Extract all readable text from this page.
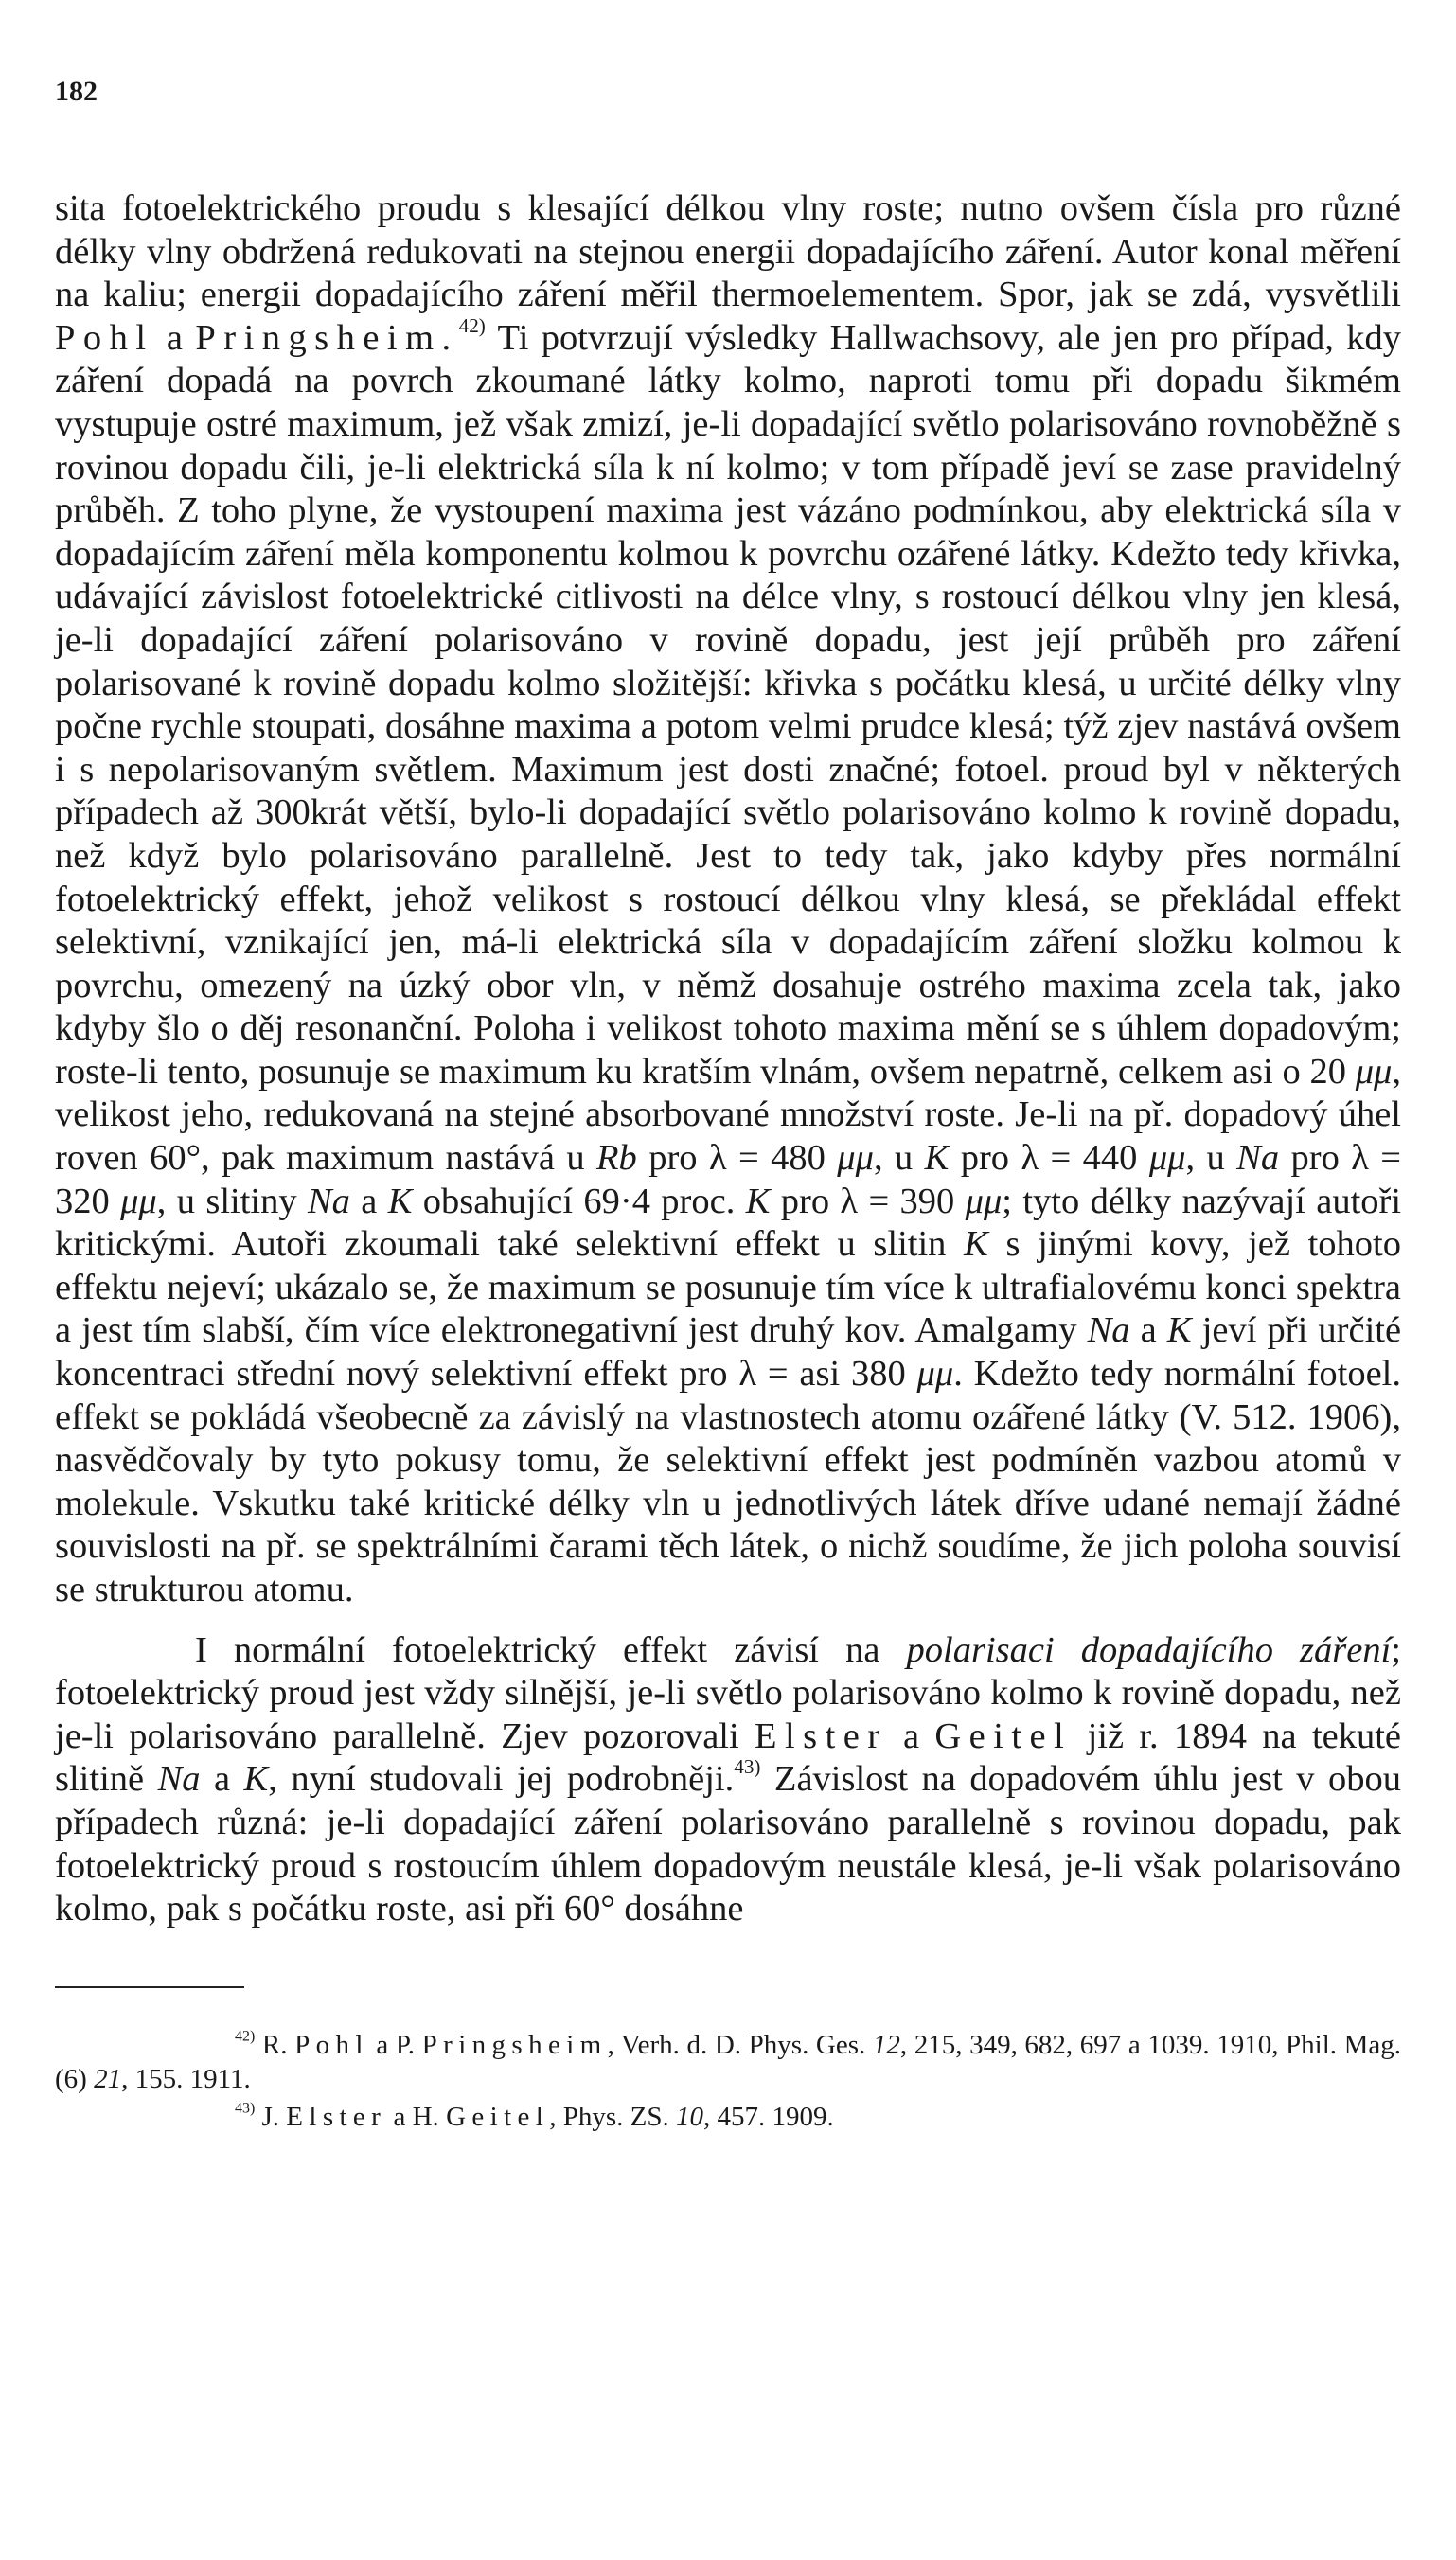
182

sita fotoelektrického proudu s klesající délkou vlny roste; nutno ovšem čísla pro různé délky vlny obdržená redukovati na stejnou energii dopadajícího záření. Autor konal měření na kaliu; energii dopadajícího záření měřil thermoelementem. Spor, jak se zdá, vysvětlili Pohl a Pringsheim.$^{42)}$ Ti potvrzují výsledky Hallwachsovy, ale jen pro případ, kdy záření dopadá na povrch zkoumané látky kolmo, naproti tomu při dopadu šikmém vystupuje ostré maximum, jež však zmizí, je-li dopadající světlo polarisováno rovnoběžně s rovinou dopadu čili, je-li elektrická síla k ní kolmo; v tom případě jeví se zase pravidelný průběh. Z toho plyne, že vystoupení maxima jest vázáno podmínkou, aby elektrická síla v dopadajícím záření měla komponentu kolmou k povrchu ozářené látky. Kdežto tedy křivka, udávající závislost fotoelektrické citlivosti na délce vlny, s rostoucí délkou vlny jen klesá, je-li dopadající záření polarisováno v rovině dopadu, jest její průběh pro záření polarisované k rovině dopadu kolmo složitější: křivka s počátku klesá, u určité délky vlny počne rychle stoupati, dosáhne maxima a potom velmi prudce klesá; týž zjev nastává ovšem i s nepolarisovaným světlem. Maximum jest dosti značné; fotoel. proud byl v některých případech až 300krát větší, bylo-li dopadající světlo polarisováno kolmo k rovině dopadu, než když bylo polarisováno parallelně. Jest to tedy tak, jako kdyby přes normální fotoelektrický effekt, jehož velikost s rostoucí délkou vlny klesá, se překládal effekt selektivní, vznikající jen, má-li elektrická síla v dopadajícím záření složku kolmou k povrchu, omezený na úzký obor vln, v němž dosahuje ostrého maxima zcela tak, jako kdyby šlo o děj resonanční. Poloha i velikost tohoto maxima mění se s úhlem dopadovým; roste-li tento, posunuje se maximum ku kratším vlnám, ovšem nepatrně, celkem asi o 20 μμ, velikost jeho, redukovaná na stejné absorbované množství roste. Je-li na př. dopadový úhel roven 60°, pak maximum nastává u Rb pro λ = 480 μμ, u K pro λ = 440 μμ, u Na pro λ = 320 μμ, u slitiny Na a K obsahující 69·4 proc. K pro λ = 390 μμ; tyto délky nazývají autoři kritickými. Autoři zkoumali také selektivní effekt u slitin K s jinými kovy, jež tohoto effektu nejeví; ukázalo se, že maximum se posunuje tím více k ultrafialovému konci spektra a jest tím slabší, čím více elektronegativní jest druhý kov. Amalgamy Na a K jeví při určité koncentraci střední nový selektivní effekt pro λ = asi 380 μμ. Kdežto tedy normální fotoel. effekt se pokládá všeobecně za závislý na vlastnostech atomu ozářené látky (V. 512. 1906), nasvědčovaly by tyto pokusy tomu, že selektivní effekt jest podmíněn vazbou atomů v molekule. Vskutku také kritické délky vln u jednotlivých látek dříve udané nemají žádné souvislosti na př. se spektrálními čarami těch látek, o nichž soudíme, že jich poloha souvisí se strukturou atomu.

I normální fotoelektrický effekt závisí na polarisaci dopadajícího záření; fotoelektrický proud jest vždy silnější, je-li světlo polarisováno kolmo k rovině dopadu, než je-li polarisováno parallelně. Zjev pozorovali Elster a Geitel již r. 1894 na tekuté slitině Na a K, nyní studovali jej podrobněji.$^{43)}$ Závislost na dopadovém úhlu jest v obou případech různá: je-li dopadající záření polarisováno parallelně s rovinou dopadu, pak fotoelektrický proud s rostoucím úhlem dopadovým neustále klesá, je-li však polarisováno kolmo, pak s počátku roste, asi při 60° dosáhne

$^{42)}$ R. Pohl a P. Pringsheim, Verh. d. D. Phys. Ges. 12, 215, 349, 682, 697 a 1039. 1910, Phil. Mag. (6) 21, 155. 1911.

$^{43)}$ J. Elster a H. Geitel, Phys. ZS. 10, 457. 1909.
